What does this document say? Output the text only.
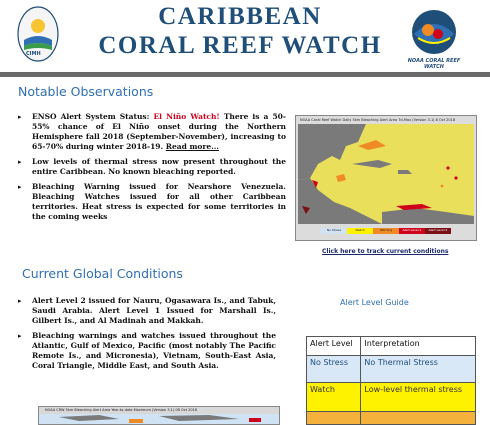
CIMH
CARIBBEAN
CORAL REEF WATCH
NOAA CORAL REEF WATCH
Notable Observations
▸ ENSO Alert System Status: El Niño Watch! There is a 50-55% chance of El Niño onset during the Northern Hemisphere fall 2018 (September-November), increasing to 65-70% during winter 2018-19. Read more...
▸ Low levels of thermal stress now present throughout the entire Caribbean. No known bleaching reported.
▸ Bleaching Warning issued for Nearshore Venezuela. Bleaching Watches issued for all other Caribbean territories. Heat stress is expected for some territories in the coming weeks
NOAA Coral Reef Watch Daily 5km Bleaching Alert Area 7d-Max (Version 3.1) 8 Oct 2018
No Stress	Watch	Warning	Alert Level 1	Alert Level 2
Click here to track current conditions
Current Global Conditions
▸ Alert Level 2 issued for Nauru, Ogasawara Is., and Tabuk, Saudi Arabia. Alert Level 1 Issued for Marshall Is., Gilbert Is., and Al Madinah and Makkah.
▸ Bleaching warnings and watches issued throughout the Atlantic, Gulf of Mexico, Pacific (most notably The Pacific Remote Is., and Micronesia), Vietnam, South-East Asia, Coral Triangle, Middle East, and South Asia.
Alert Level Guide
Alert Level	Interpretation
No Stress	No Thermal Stress
Watch	Low-level thermal stress

NOAA CRW 5km Bleaching Alert Area Year-to-date Maximum (Version 3.1) 08 Oct 2018
